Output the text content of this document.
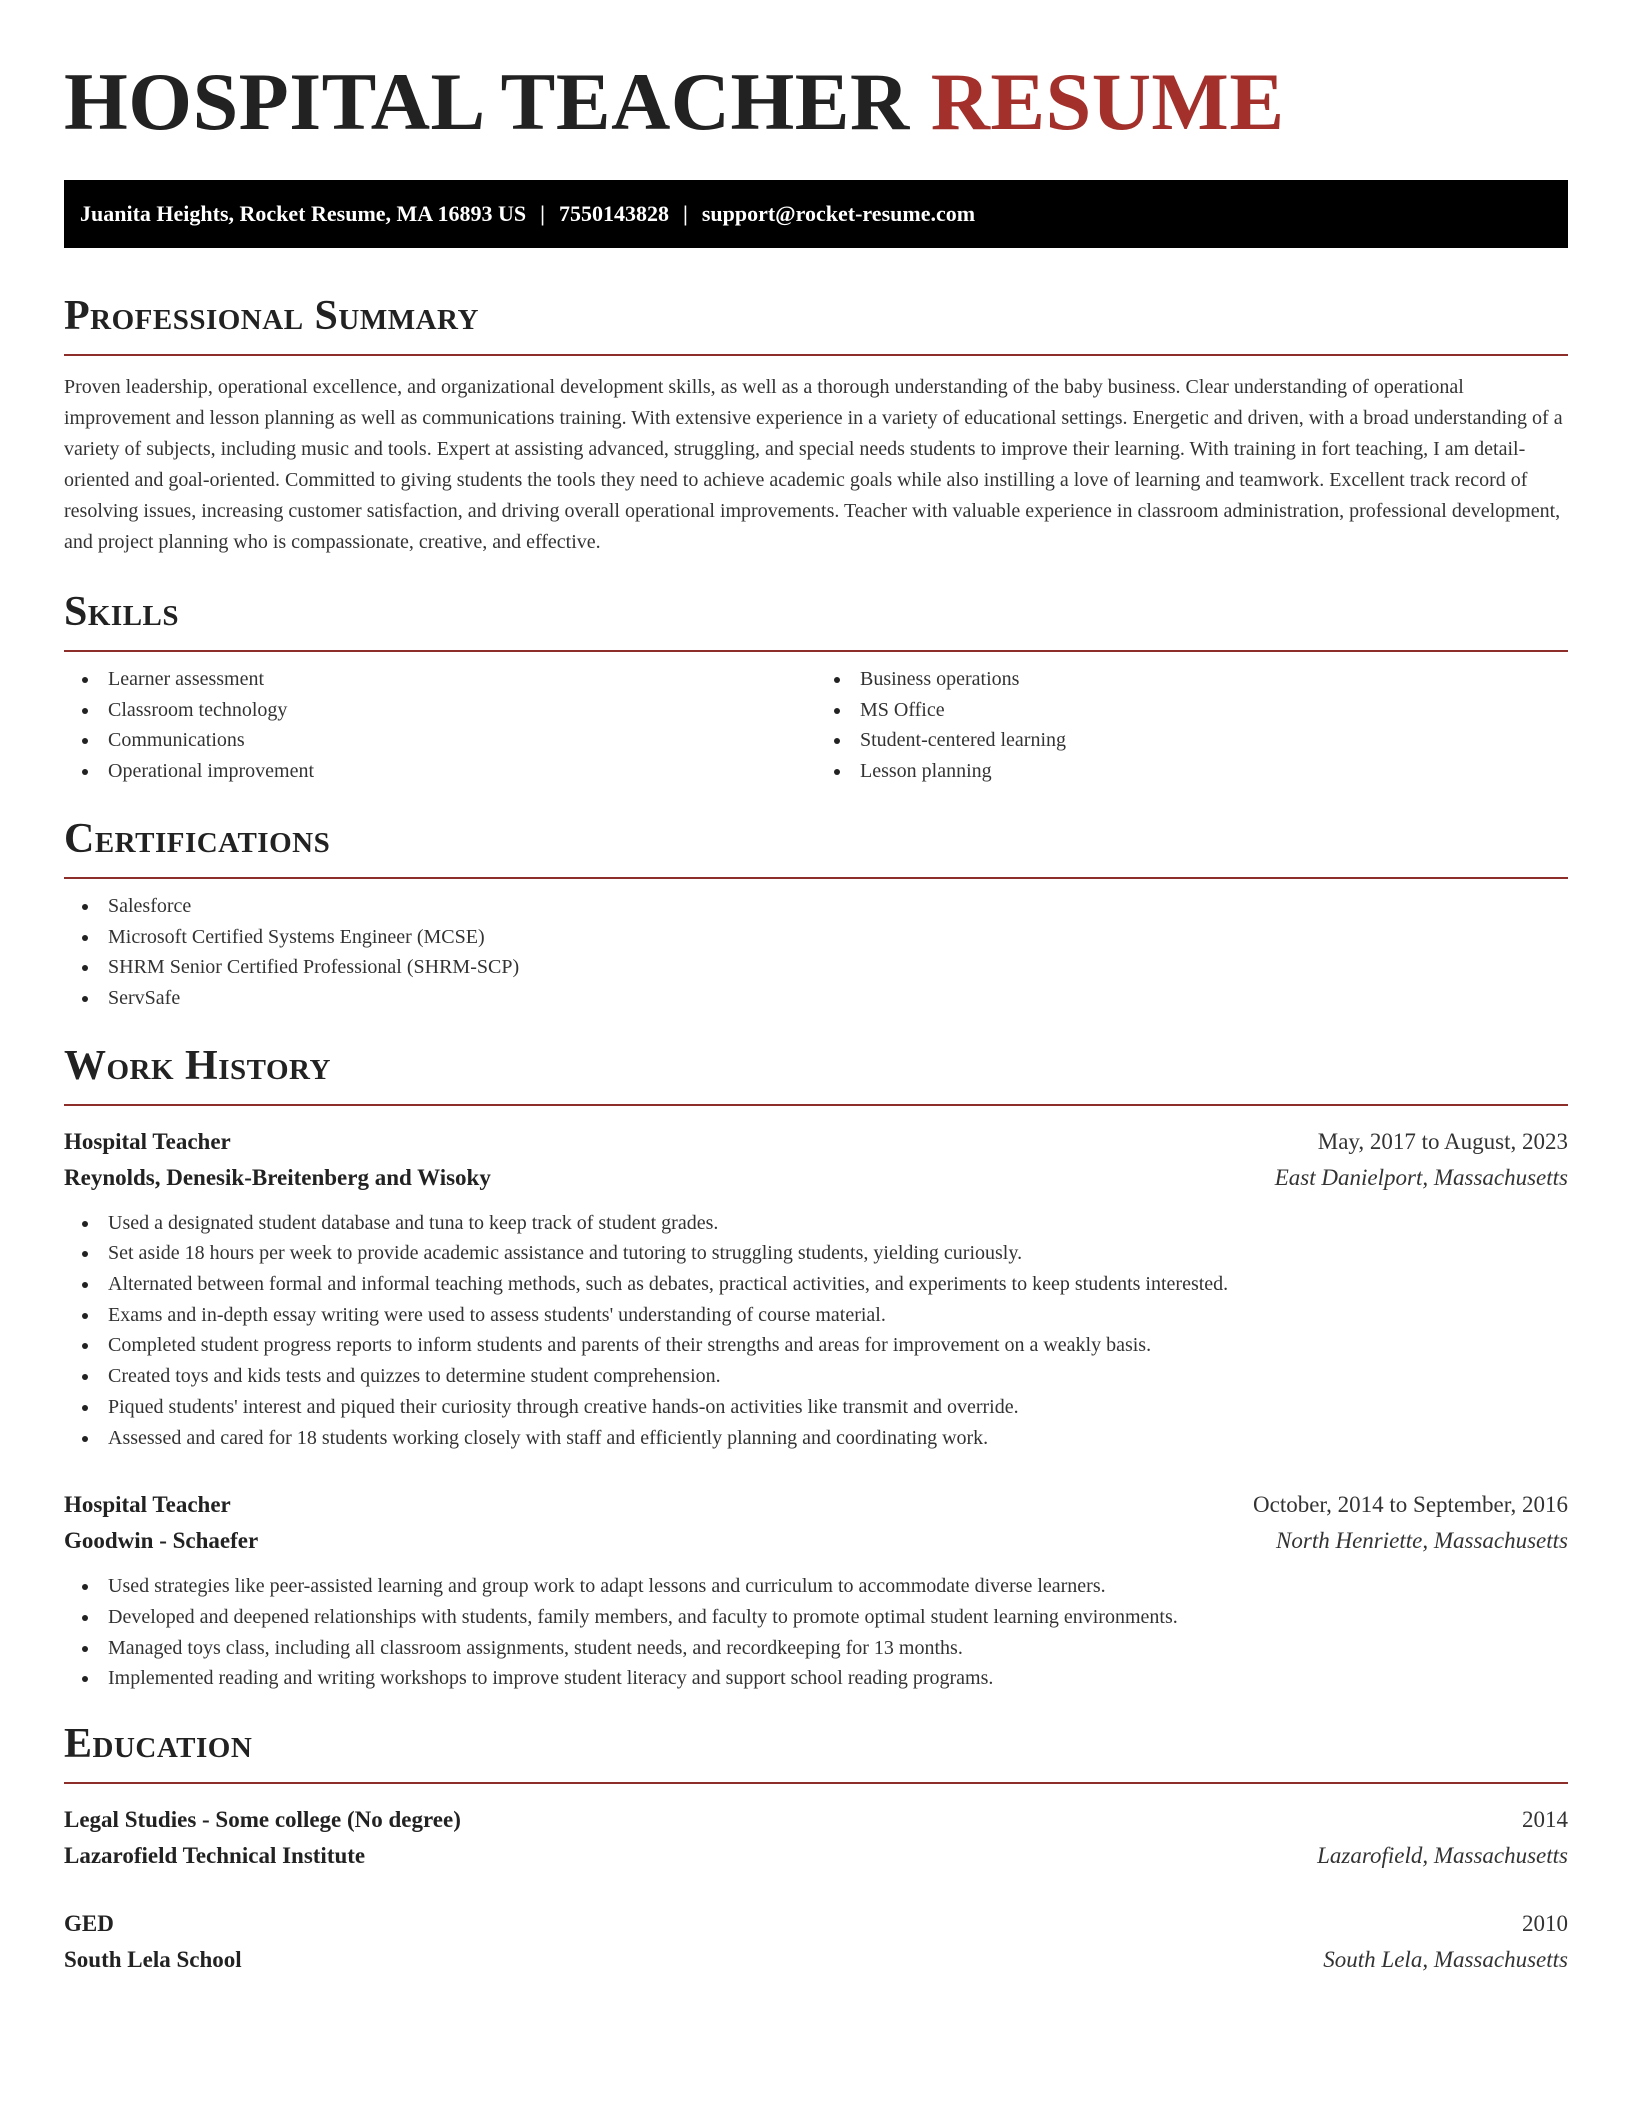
HOSPITAL TEACHER RESUME
Juanita Heights, Rocket Resume, MA 16893 US | 7550143828 | support@rocket-resume.com
Professional Summary

Proven leadership, operational excellence, and organizational development skills, as well as a thorough understanding of the baby business. Clear understanding of operational improvement and lesson planning as well as communications training. With extensive experience in a variety of educational settings. Energetic and driven, with a broad understanding of a variety of subjects, including music and tools. Expert at assisting advanced, struggling, and special needs students to improve their learning. With training in fort teaching, I am detail-oriented and goal-oriented. Committed to giving students the tools they need to achieve academic goals while also instilling a love of learning and teamwork. Excellent track record of resolving issues, increasing customer satisfaction, and driving overall operational improvements. Teacher with valuable experience in classroom administration, professional development, and project planning who is compassionate, creative, and effective.

Skills
Learner assessment
Classroom technology
Communications
Operational improvement
Business operations
MS Office
Student-centered learning
Lesson planning
Certifications
Salesforce
Microsoft Certified Systems Engineer (MCSE)
SHRM Senior Certified Professional (SHRM-SCP)
ServSafe
Work History
Hospital Teacher	May, 2017 to August, 2023
Reynolds, Denesik-Breitenberg and Wisoky	East Danielport, Massachusetts
Used a designated student database and tuna to keep track of student grades.
Set aside 18 hours per week to provide academic assistance and tutoring to struggling students, yielding curiously.
Alternated between formal and informal teaching methods, such as debates, practical activities, and experiments to keep students interested.
Exams and in-depth essay writing were used to assess students' understanding of course material.
Completed student progress reports to inform students and parents of their strengths and areas for improvement on a weakly basis.
Created toys and kids tests and quizzes to determine student comprehension.
Piqued students' interest and piqued their curiosity through creative hands-on activities like transmit and override.
Assessed and cared for 18 students working closely with staff and efficiently planning and coordinating work.
Hospital Teacher	October, 2014 to September, 2016
Goodwin - Schaefer	North Henriette, Massachusetts
Used strategies like peer-assisted learning and group work to adapt lessons and curriculum to accommodate diverse learners.
Developed and deepened relationships with students, family members, and faculty to promote optimal student learning environments.
Managed toys class, including all classroom assignments, student needs, and recordkeeping for 13 months.
Implemented reading and writing workshops to improve student literacy and support school reading programs.
Education
Legal Studies - Some college (No degree)	2014
Lazarofield Technical Institute	Lazarofield, Massachusetts
GED	2010
South Lela School	South Lela, Massachusetts
